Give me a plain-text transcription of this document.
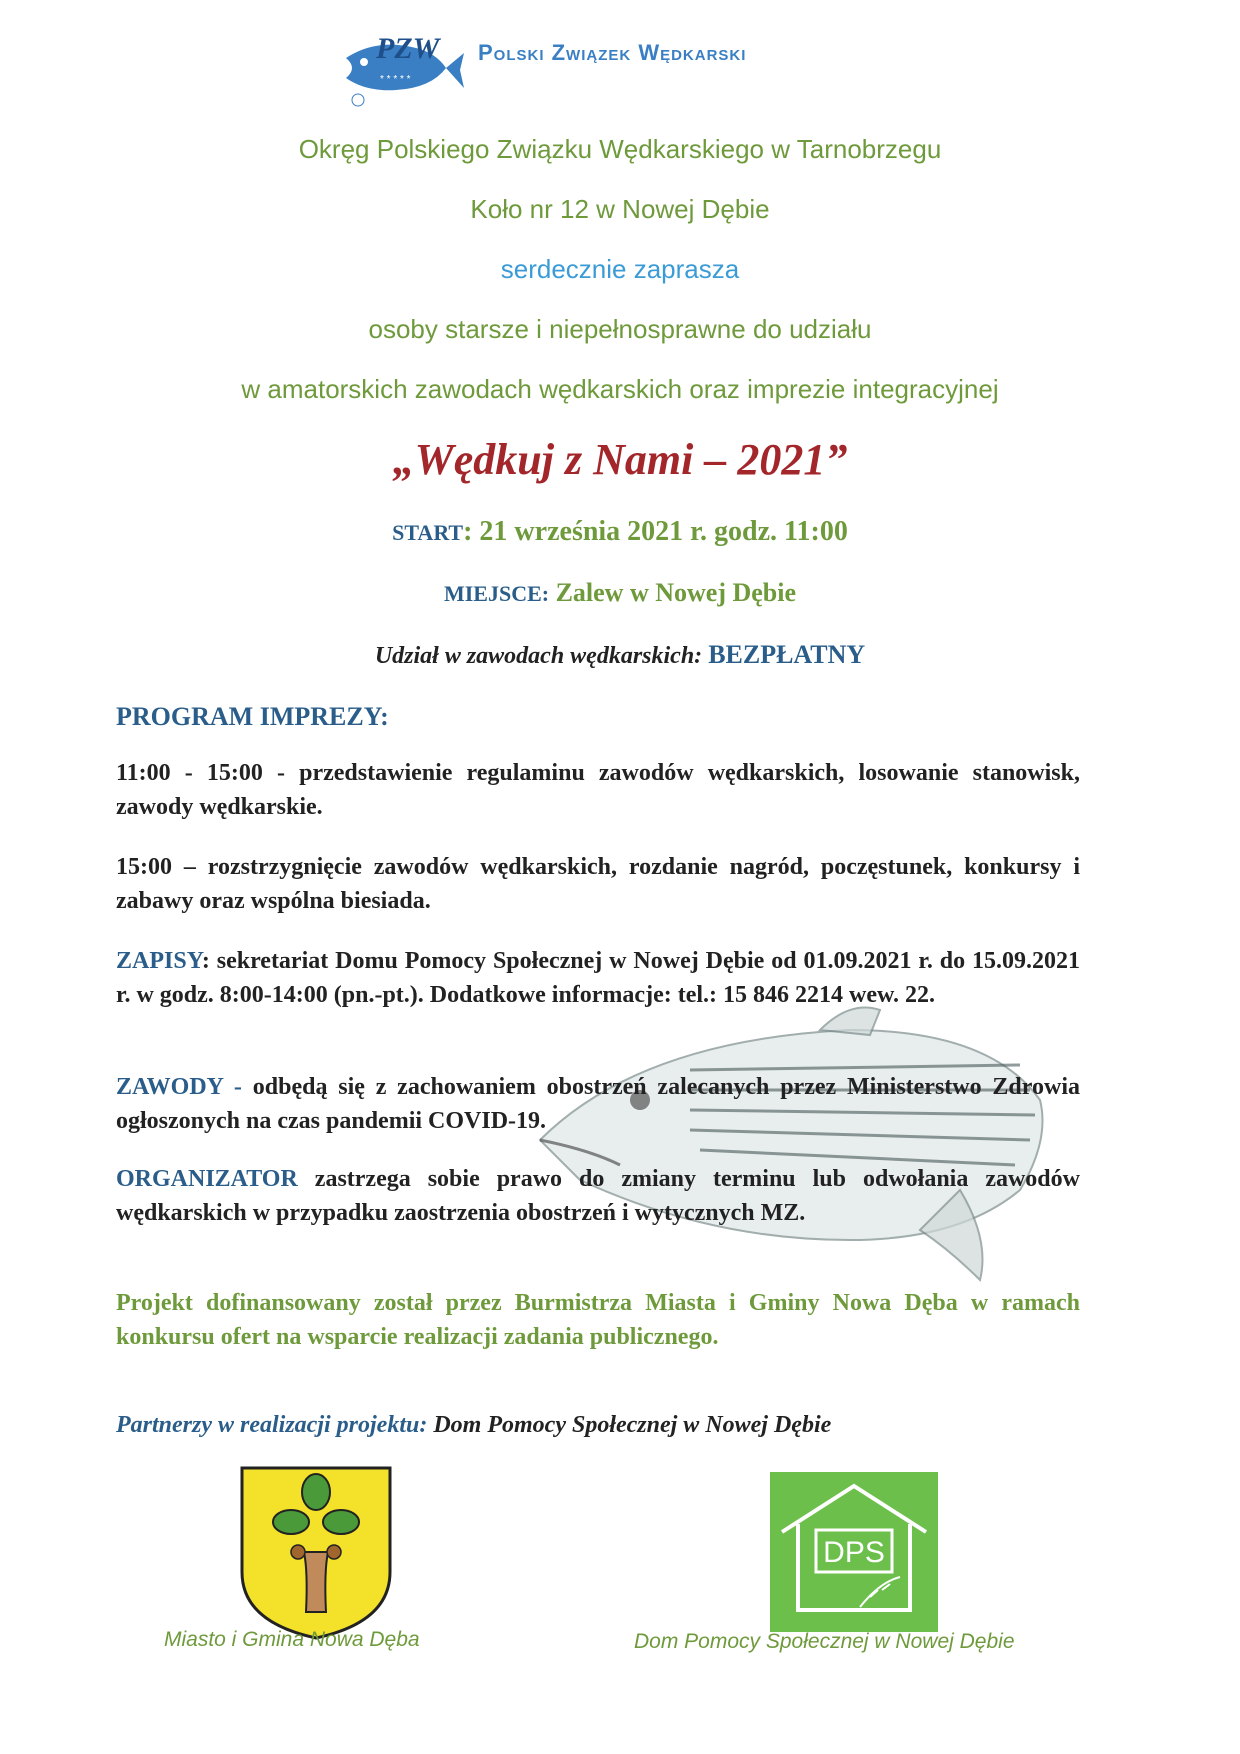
PZW
* * * * *
Polski Związek Wędkarski
Okręg Polskiego Związku Wędkarskiego w Tarnobrzegu
Koło nr 12 w Nowej Dębie
serdecznie zaprasza
osoby starsze i niepełnosprawne do udziału
w amatorskich zawodach wędkarskich oraz imprezie integracyjnej
„Wędkuj z Nami – 2021”
START: 21 września 2021 r. godz. 11:00
MIEJSCE: Zalew w Nowej Dębie
Udział w zawodach wędkarskich: BEZPŁATNY
PROGRAM IMPREZY:
11:00 - 15:00 - przedstawienie regulaminu zawodów wędkarskich, losowanie stanowisk, zawody wędkarskie.
15:00 – rozstrzygnięcie zawodów wędkarskich, rozdanie nagród, poczęstunek, konkursy i zabawy oraz wspólna biesiada.
ZAPISY: sekretariat Domu Pomocy Społecznej w Nowej Dębie od 01.09.2021 r. do 15.09.2021 r. w godz. 8:00-14:00 (pn.-pt.). Dodatkowe informacje: tel.: 15 846 2214 wew. 22.
ZAWODY - odbędą się z zachowaniem obostrzeń zalecanych przez Ministerstwo Zdrowia ogłoszonych na czas pandemii COVID-19.
ORGANIZATOR zastrzega sobie prawo do zmiany terminu lub odwołania zawodów wędkarskich w przypadku zaostrzenia obostrzeń i wytycznych MZ.
Projekt dofinansowany został przez Burmistrza Miasta i Gminy Nowa Dęba w ramach konkursu ofert na wsparcie realizacji zadania publicznego.
Partnerzy w realizacji projektu: Dom Pomocy Społecznej w Nowej Dębie
DPS
Miasto i Gmina Nowa Dęba	Dom Pomocy Społecznej w Nowej Dębie
